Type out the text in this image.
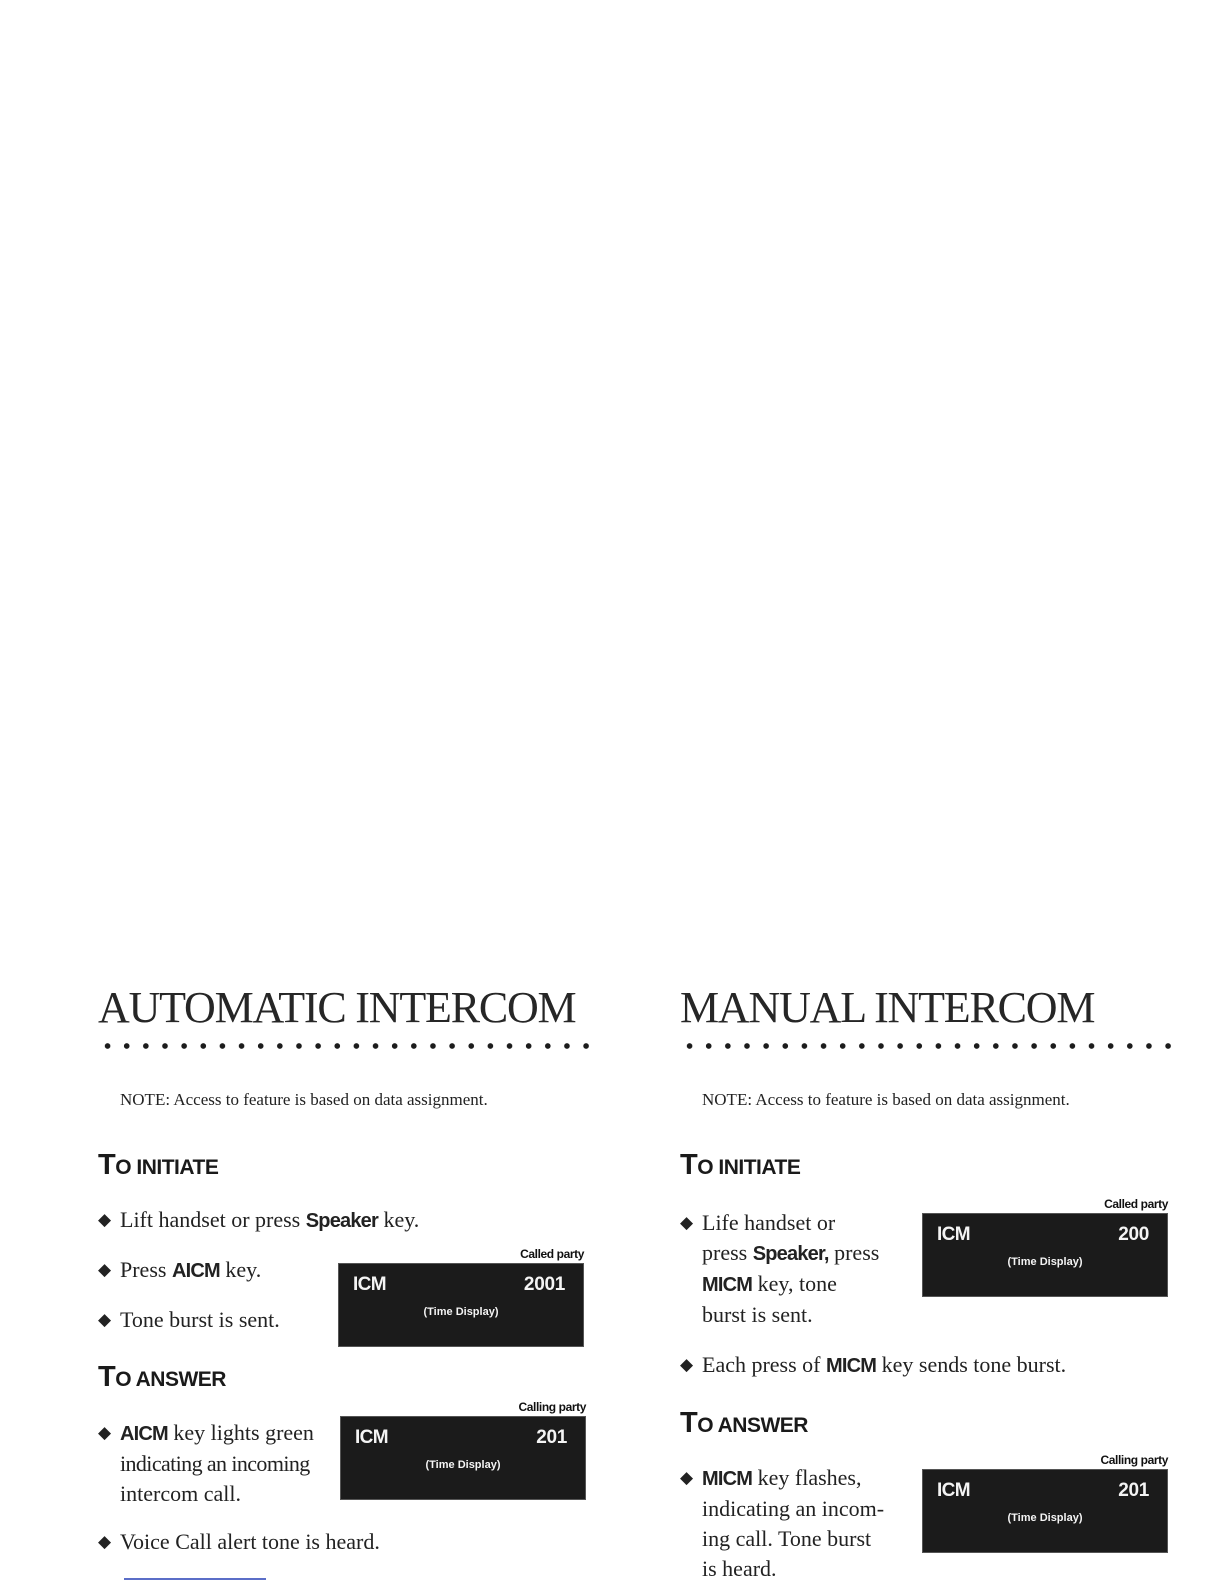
AUTOMATIC INTERCOM
NOTE: Access to feature is based on data assignment.
TO INITIATE
◆ Lift handset or press Speaker key.
◆ Press AICM key.
◆ Tone burst is sent.
Called party
ICM	2001
(Time Display)
TO ANSWER
◆ AICM key lights green
indicating an incoming
intercom call.
Calling party
ICM	201
(Time Display)
◆ Voice Call alert tone is heard.
MANUAL INTERCOM
NOTE: Access to feature is based on data assignment.
TO INITIATE
◆ Life handset or
press Speaker, press
MICM key, tone
burst is sent.
Called party
ICM	200
(Time Display)
◆ Each press of MICM key sends tone burst.
TO ANSWER
◆ MICM key flashes,
indicating an incom-
ing call. Tone burst
is heard.
Calling party
ICM	201
(Time Display)
